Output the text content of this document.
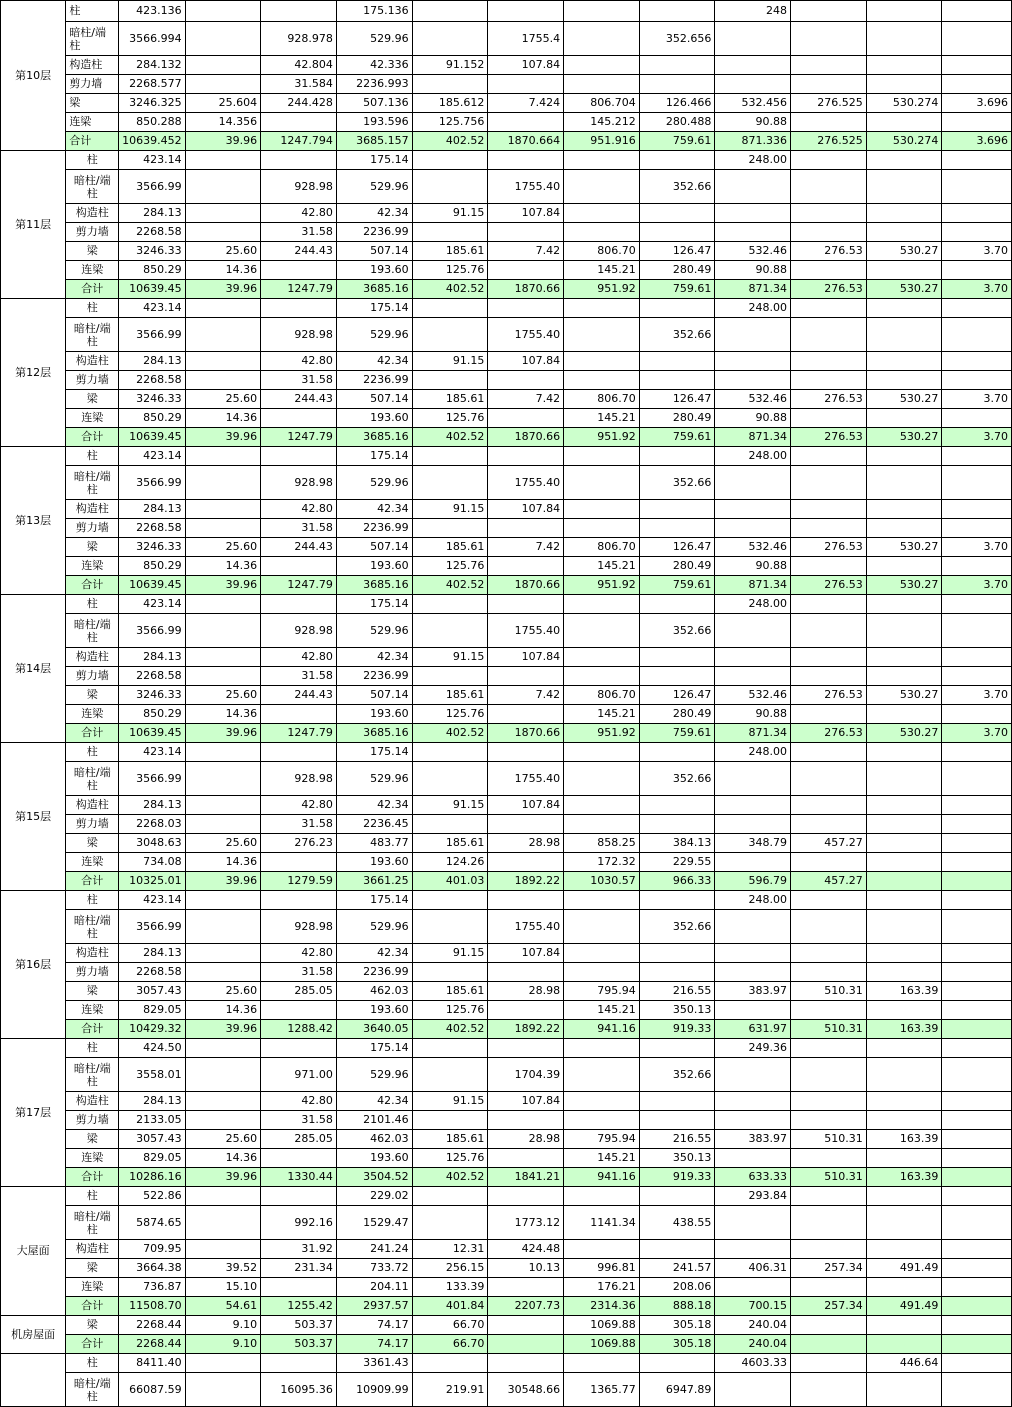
第10层	柱	423.136			175.136					248			
	暗柱/端柱	3566.994		928.978	529.96		1755.4		352.656				
	构造柱	284.132		42.804	42.336	91.152	107.84						
	剪力墙	2268.577		31.584	2236.993								
	梁	3246.325	25.604	244.428	507.136	185.612	7.424	806.704	126.466	532.456	276.525	530.274	3.696
	连梁	850.288	14.356		193.596	125.756		145.212	280.488	90.88			
	合计	10639.452	39.96	1247.794	3685.157	402.52	1870.664	951.916	759.61	871.336	276.525	530.274	3.696
第11层	柱	423.14			175.14					248.00			
	暗柱/端柱	3566.99		928.98	529.96		1755.40		352.66				
	构造柱	284.13		42.80	42.34	91.15	107.84						
	剪力墙	2268.58		31.58	2236.99								
	梁	3246.33	25.60	244.43	507.14	185.61	7.42	806.70	126.47	532.46	276.53	530.27	3.70
	连梁	850.29	14.36		193.60	125.76		145.21	280.49	90.88			
	合计	10639.45	39.96	1247.79	3685.16	402.52	1870.66	951.92	759.61	871.34	276.53	530.27	3.70
第12层	柱	423.14			175.14					248.00			
	暗柱/端柱	3566.99		928.98	529.96		1755.40		352.66				
	构造柱	284.13		42.80	42.34	91.15	107.84						
	剪力墙	2268.58		31.58	2236.99								
	梁	3246.33	25.60	244.43	507.14	185.61	7.42	806.70	126.47	532.46	276.53	530.27	3.70
	连梁	850.29	14.36		193.60	125.76		145.21	280.49	90.88			
	合计	10639.45	39.96	1247.79	3685.16	402.52	1870.66	951.92	759.61	871.34	276.53	530.27	3.70
第13层	柱	423.14			175.14					248.00			
	暗柱/端柱	3566.99		928.98	529.96		1755.40		352.66				
	构造柱	284.13		42.80	42.34	91.15	107.84						
	剪力墙	2268.58		31.58	2236.99								
	梁	3246.33	25.60	244.43	507.14	185.61	7.42	806.70	126.47	532.46	276.53	530.27	3.70
	连梁	850.29	14.36		193.60	125.76		145.21	280.49	90.88			
	合计	10639.45	39.96	1247.79	3685.16	402.52	1870.66	951.92	759.61	871.34	276.53	530.27	3.70
第14层	柱	423.14			175.14					248.00			
	暗柱/端柱	3566.99		928.98	529.96		1755.40		352.66				
	构造柱	284.13		42.80	42.34	91.15	107.84						
	剪力墙	2268.58		31.58	2236.99								
	梁	3246.33	25.60	244.43	507.14	185.61	7.42	806.70	126.47	532.46	276.53	530.27	3.70
	连梁	850.29	14.36		193.60	125.76		145.21	280.49	90.88			
	合计	10639.45	39.96	1247.79	3685.16	402.52	1870.66	951.92	759.61	871.34	276.53	530.27	3.70
第15层	柱	423.14			175.14					248.00			
	暗柱/端柱	3566.99		928.98	529.96		1755.40		352.66				
	构造柱	284.13		42.80	42.34	91.15	107.84						
	剪力墙	2268.03		31.58	2236.45								
	梁	3048.63	25.60	276.23	483.77	185.61	28.98	858.25	384.13	348.79	457.27		
	连梁	734.08	14.36		193.60	124.26		172.32	229.55				
	合计	10325.01	39.96	1279.59	3661.25	401.03	1892.22	1030.57	966.33	596.79	457.27		
第16层	柱	423.14			175.14					248.00			
	暗柱/端柱	3566.99		928.98	529.96		1755.40		352.66				
	构造柱	284.13		42.80	42.34	91.15	107.84						
	剪力墙	2268.58		31.58	2236.99								
	梁	3057.43	25.60	285.05	462.03	185.61	28.98	795.94	216.55	383.97	510.31	163.39	
	连梁	829.05	14.36		193.60	125.76		145.21	350.13				
	合计	10429.32	39.96	1288.42	3640.05	402.52	1892.22	941.16	919.33	631.97	510.31	163.39	
第17层	柱	424.50			175.14					249.36			
	暗柱/端柱	3558.01		971.00	529.96		1704.39		352.66				
	构造柱	284.13		42.80	42.34	91.15	107.84						
	剪力墙	2133.05		31.58	2101.46								
	梁	3057.43	25.60	285.05	462.03	185.61	28.98	795.94	216.55	383.97	510.31	163.39	
	连梁	829.05	14.36		193.60	125.76		145.21	350.13				
	合计	10286.16	39.96	1330.44	3504.52	402.52	1841.21	941.16	919.33	633.33	510.31	163.39	
大屋面	柱	522.86			229.02					293.84			
	暗柱/端柱	5874.65		992.16	1529.47		1773.12	1141.34	438.55				
	构造柱	709.95		31.92	241.24	12.31	424.48						
	梁	3664.38	39.52	231.34	733.72	256.15	10.13	996.81	241.57	406.31	257.34	491.49	
	连梁	736.87	15.10		204.11	133.39		176.21	208.06				
	合计	11508.70	54.61	1255.42	2937.57	401.84	2207.73	2314.36	888.18	700.15	257.34	491.49	
机房屋面	梁	2268.44	9.10	503.37	74.17	66.70		1069.88	305.18	240.04			
	合计	2268.44	9.10	503.37	74.17	66.70		1069.88	305.18	240.04			
	柱	8411.40			3361.43					4603.33		446.64	
	暗柱/端柱	66087.59		16095.36	10909.99	219.91	30548.66	1365.77	6947.89				
